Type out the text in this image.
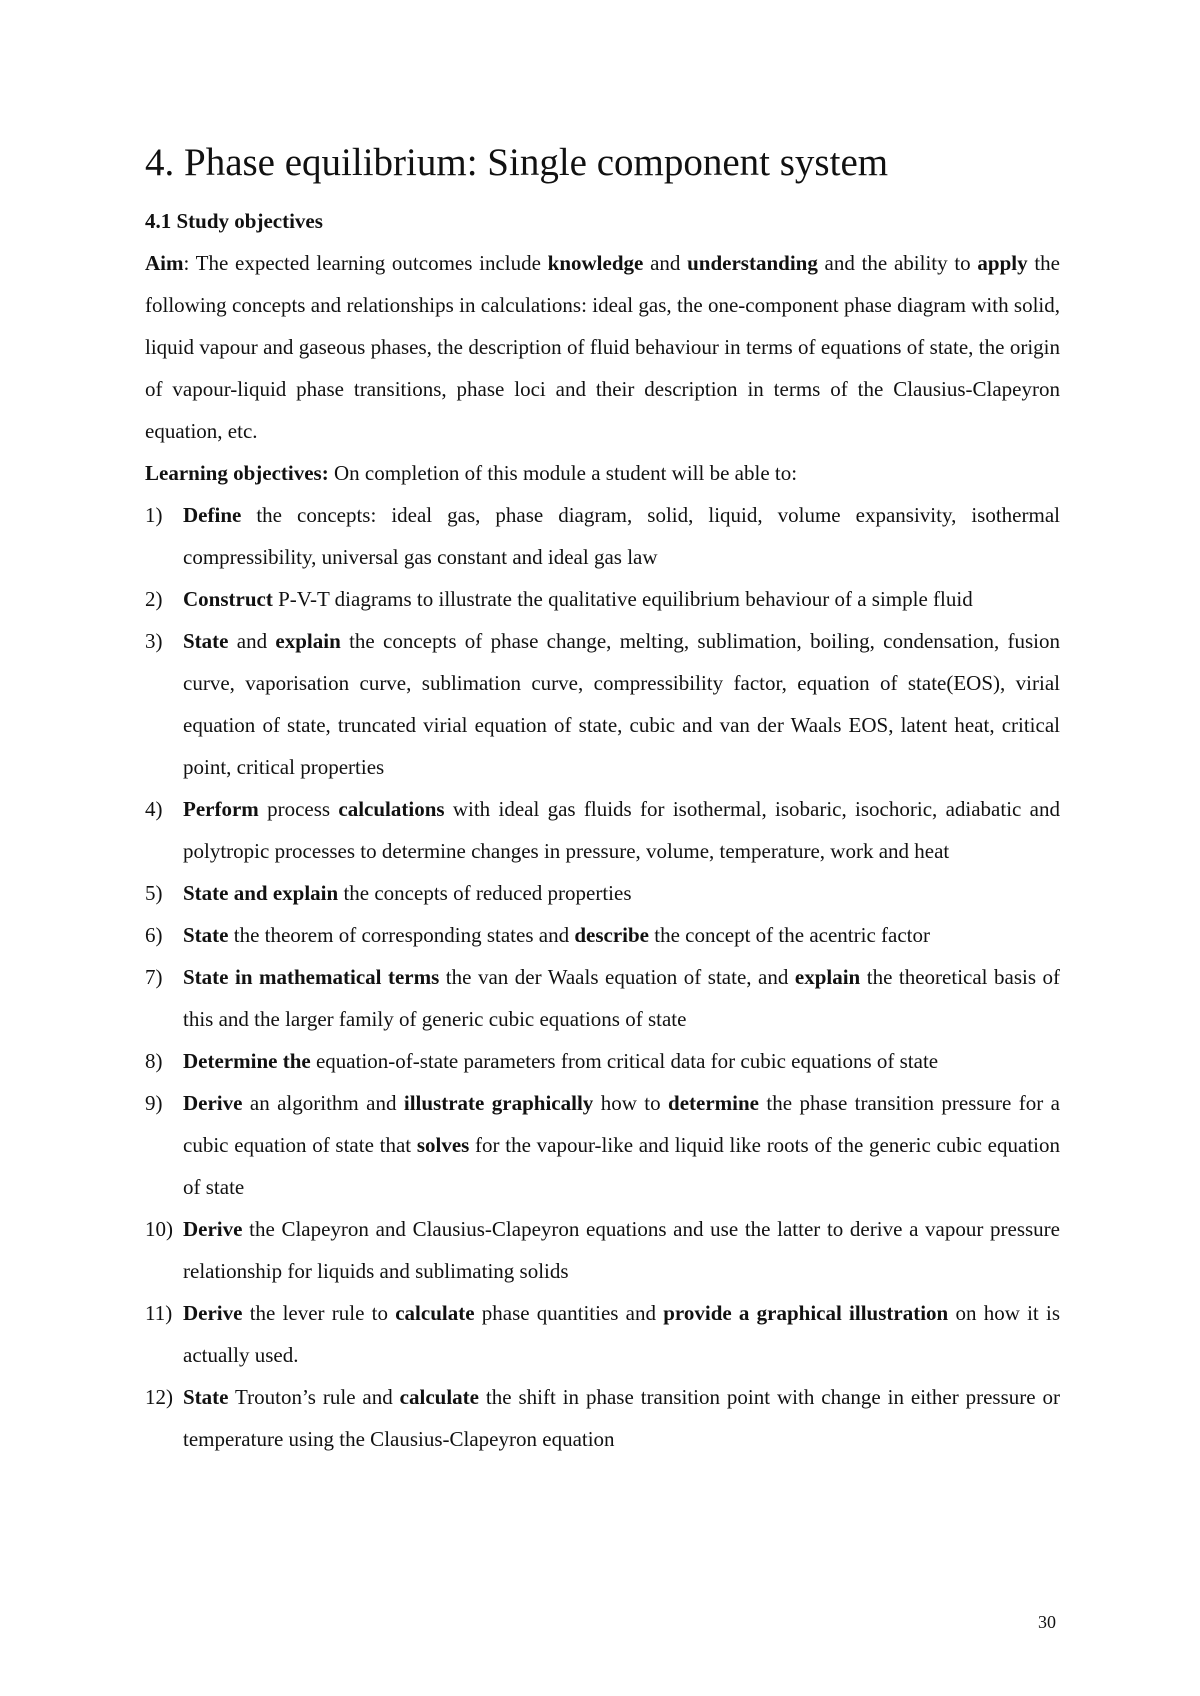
4. Phase equilibrium: Single component system
4.1 Study objectives

Aim: The expected learning outcomes include knowledge and understanding and the ability to apply the following concepts and relationships in calculations: ideal gas, the one-component phase diagram with solid, liquid vapour and gaseous phases, the description of fluid behaviour in terms of equations of state, the origin of vapour-liquid phase transitions, phase loci and their description in terms of the Clausius-Clapeyron equation, etc.

Learning objectives: On completion of this module a student will be able to:

1) Define the concepts: ideal gas, phase diagram, solid, liquid, volume expansivity, isothermal compressibility, universal gas constant and ideal gas law
2) Construct P-V-T diagrams to illustrate the qualitative equilibrium behaviour of a simple fluid
3) State and explain the concepts of phase change, melting, sublimation, boiling, condensation, fusion curve, vaporisation curve, sublimation curve, compressibility factor, equation of state(EOS), virial equation of state, truncated virial equation of state, cubic and van der Waals EOS, latent heat, critical point, critical properties
4) Perform process calculations with ideal gas fluids for isothermal, isobaric, isochoric, adiabatic and polytropic processes to determine changes in pressure, volume, temperature, work and heat
5) State and explain the concepts of reduced properties
6) State the theorem of corresponding states and describe the concept of the acentric factor
7) State in mathematical terms the van der Waals equation of state, and explain the theoretical basis of this and the larger family of generic cubic equations of state
8) Determine the equation-of-state parameters from critical data for cubic equations of state
9) Derive an algorithm and illustrate graphically how to determine the phase transition pressure for a cubic equation of state that solves for the vapour-like and liquid like roots of the generic cubic equation of state
10) Derive the Clapeyron and Clausius-Clapeyron equations and use the latter to derive a vapour pressure relationship for liquids and sublimating solids
11) Derive the lever rule to calculate phase quantities and provide a graphical illustration on how it is actually used.
12) State Trouton’s rule and calculate the shift in phase transition point with change in either pressure or temperature using the Clausius-Clapeyron equation
30
